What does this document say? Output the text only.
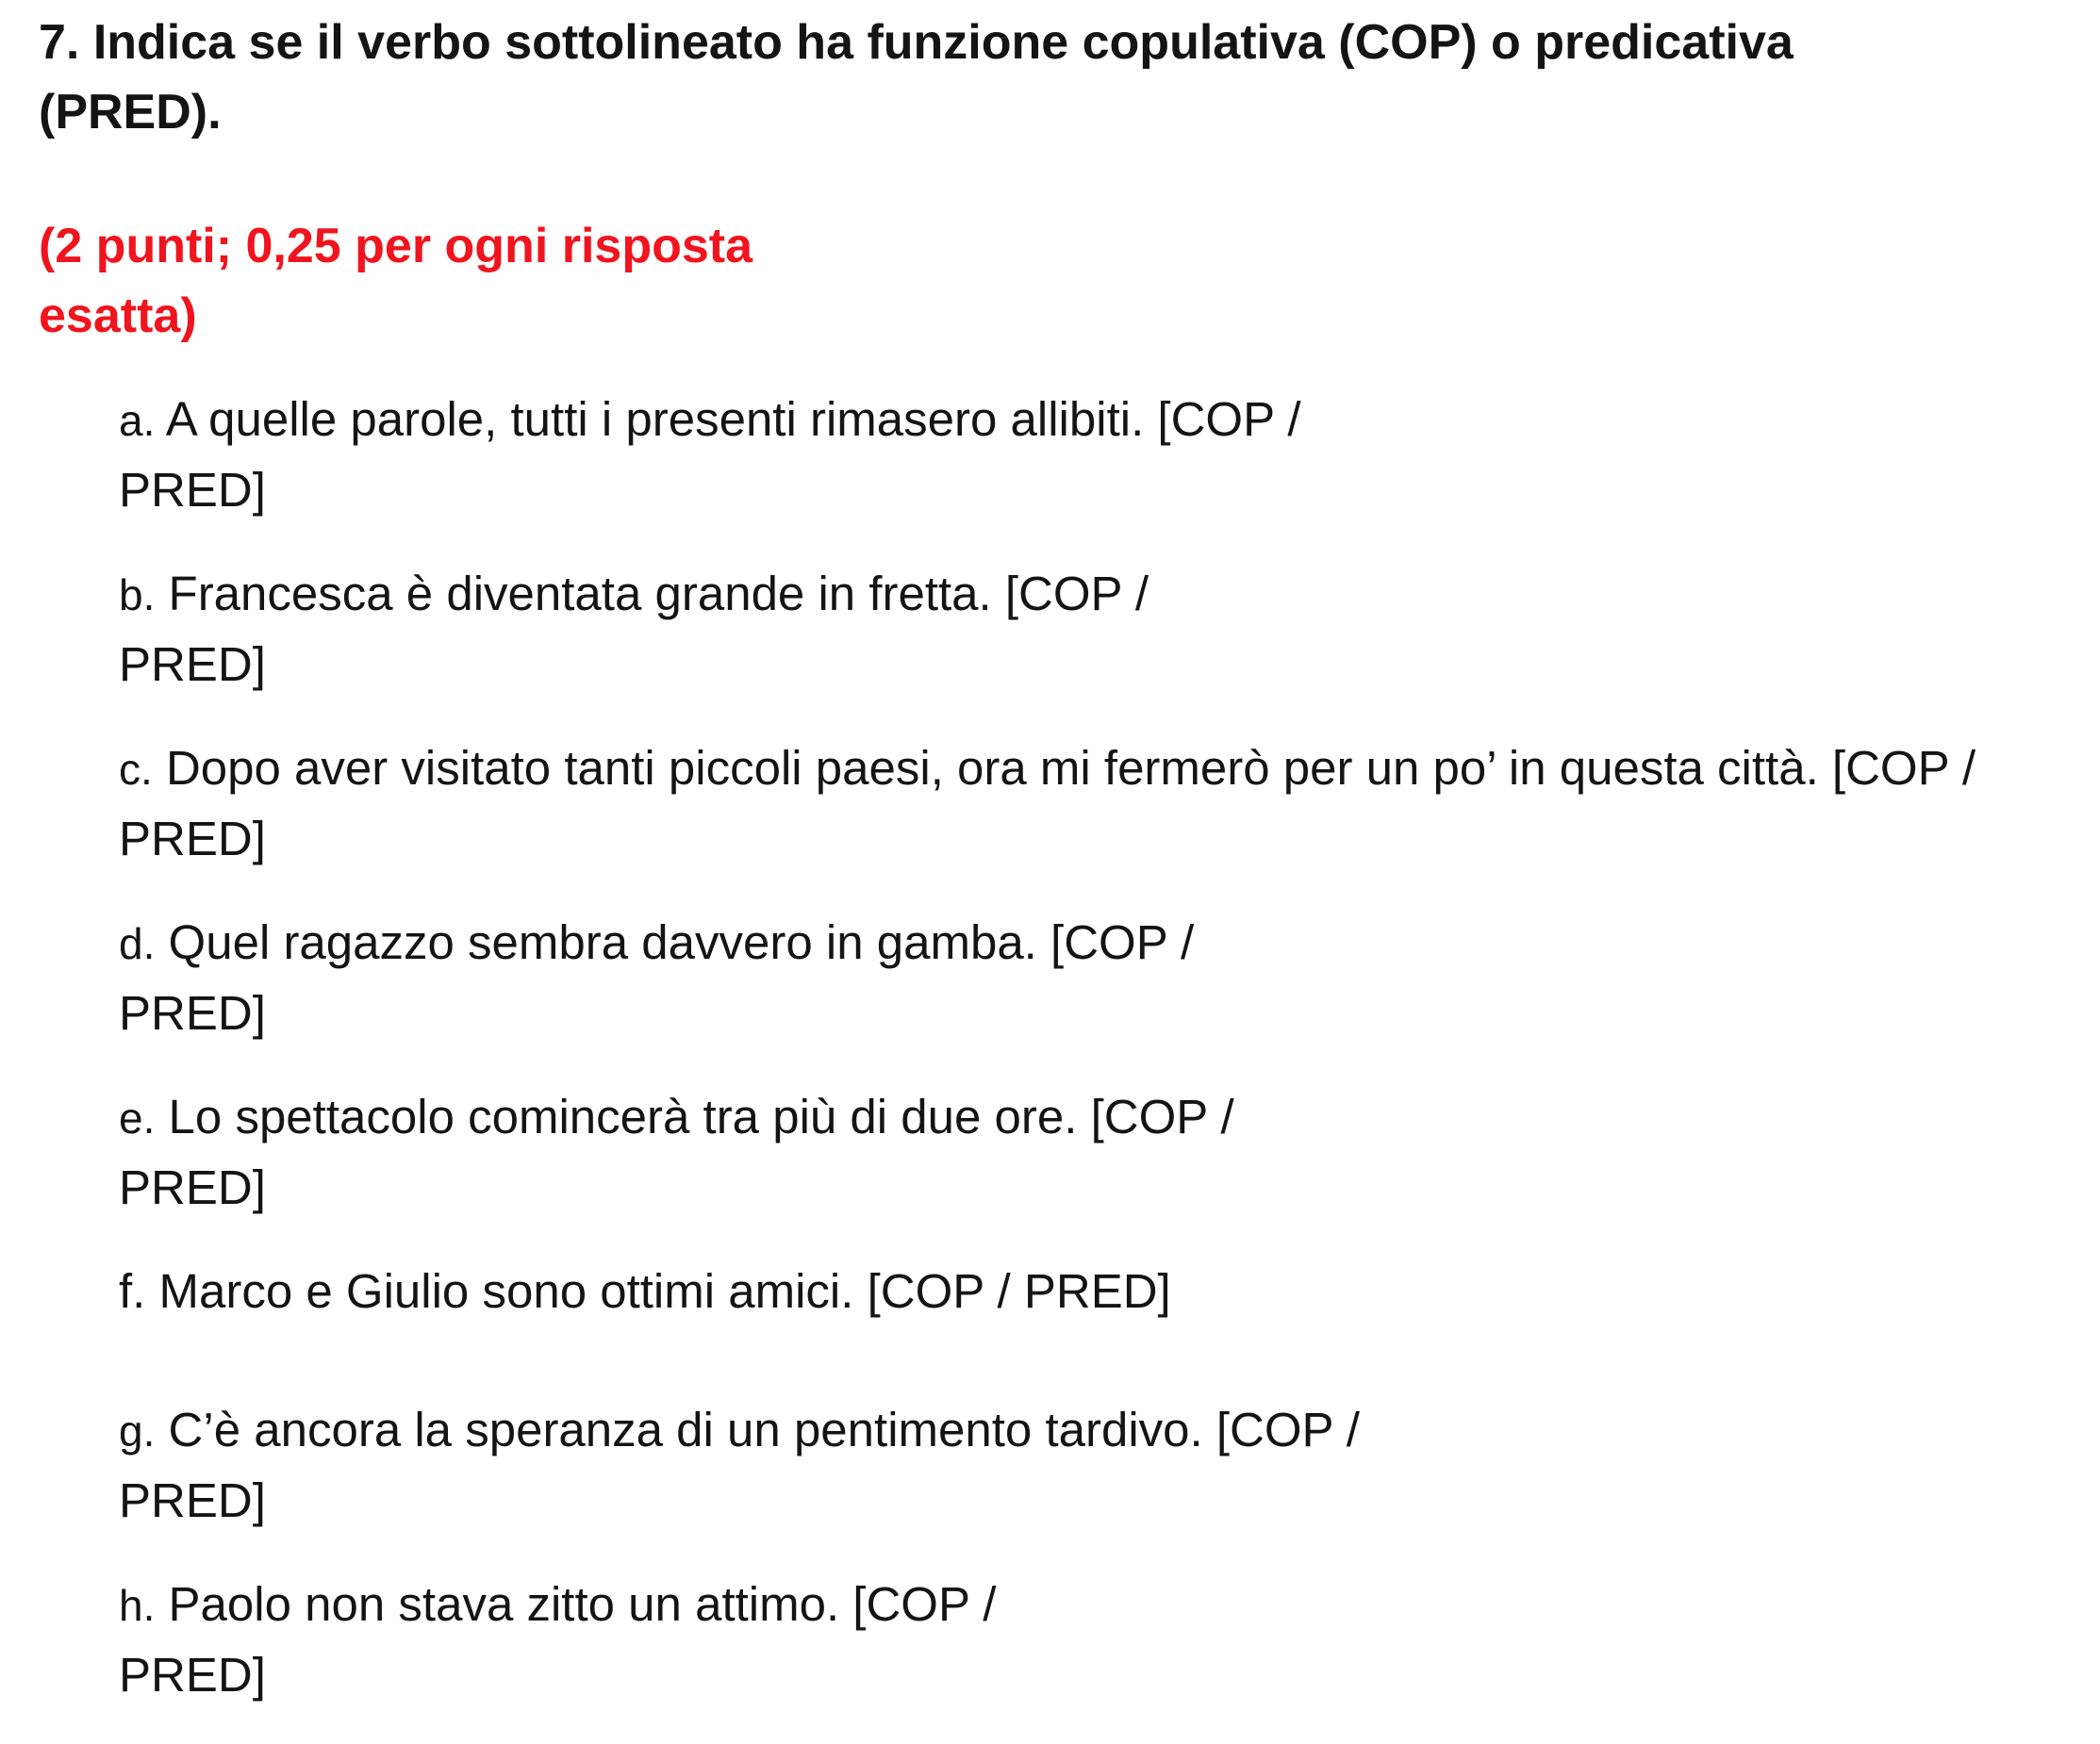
7. Indica se il verbo sottolineato ha funzione copulativa (COP) o predicativa
(PRED).

(2 punti; 0,25 per ogni risposta
esatta)

a. A quelle parole, tutti i presenti rimasero allibiti. [COP /
PRED]
b. Francesca è diventata grande in fretta. [COP /
PRED]
c. Dopo aver visitato tanti piccoli paesi, ora mi fermerò per un po’ in questa città. [COP /
PRED]
d. Quel ragazzo sembra davvero in gamba. [COP /
PRED]
e. Lo spettacolo comincerà tra più di due ore. [COP /
PRED]
f. Marco e Giulio sono ottimi amici. [COP / PRED]
g. C’è ancora la speranza di un pentimento tardivo. [COP /
PRED]
h. Paolo non stava zitto un attimo. [COP /
PRED]
